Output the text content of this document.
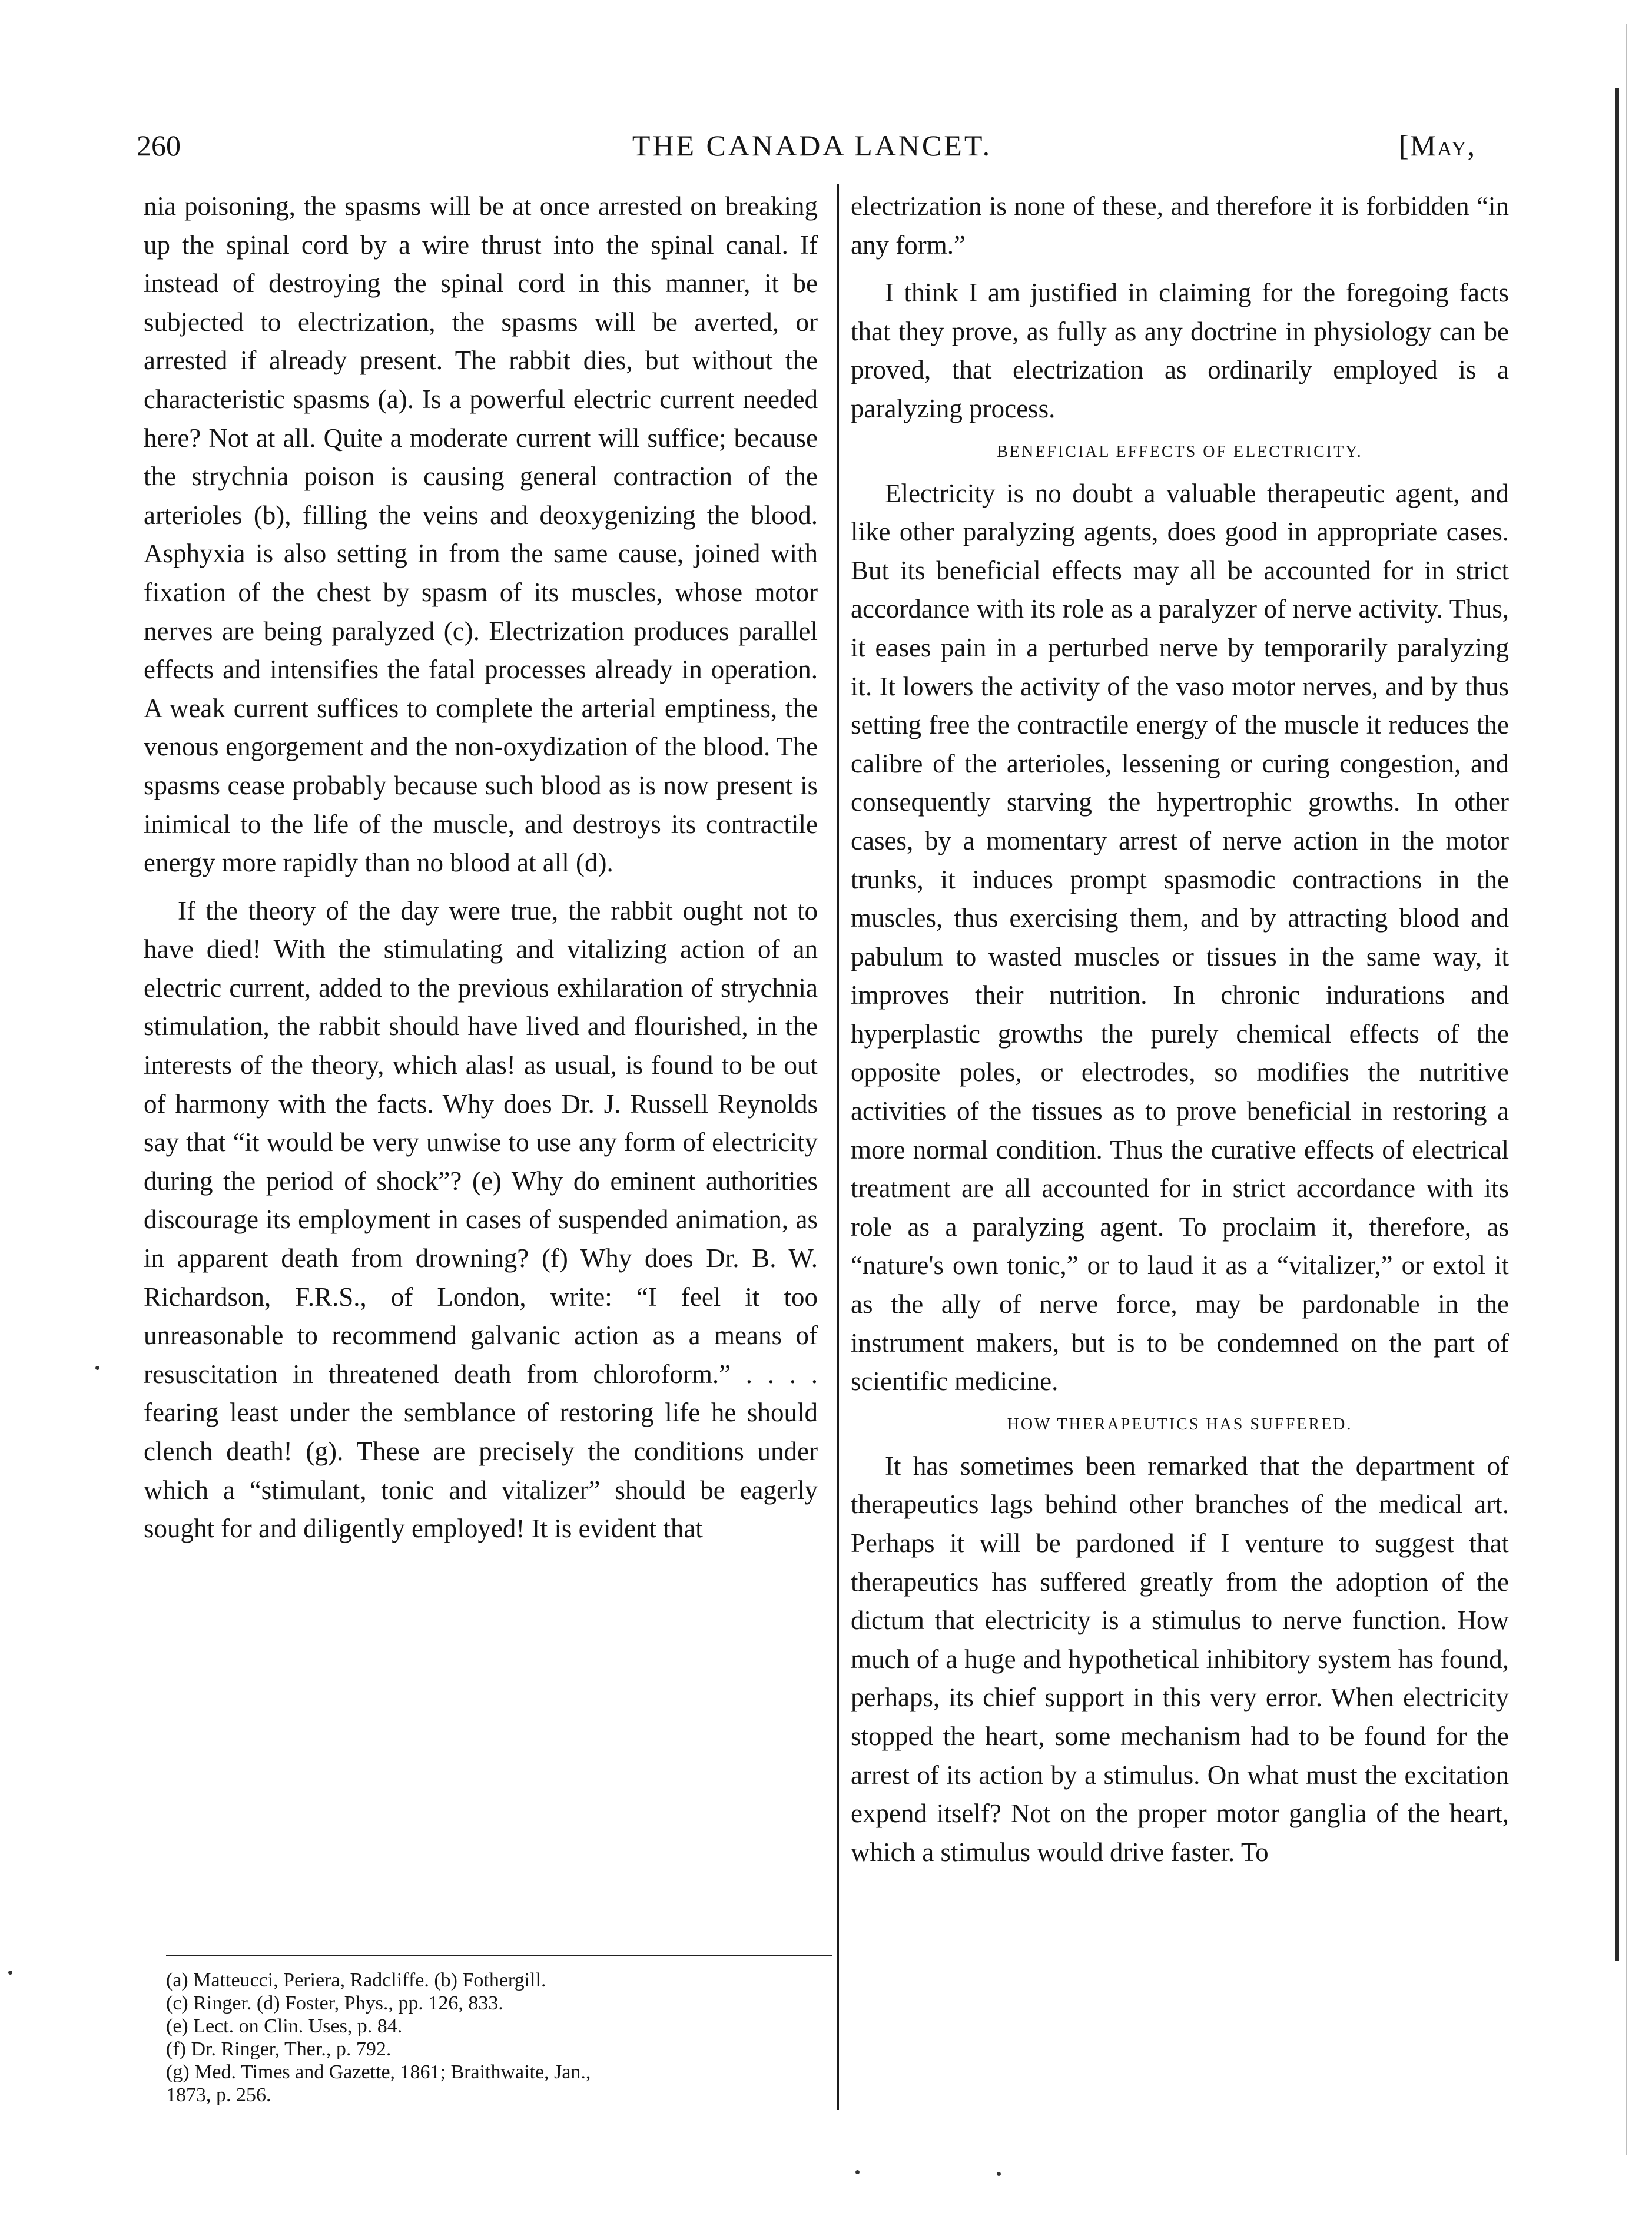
260	THE CANADA LANCET.	[May,

nia poisoning, the spasms will be at once arrested on breaking up the spinal cord by a wire thrust into the spinal canal. If instead of destroying the spinal cord in this manner, it be subjected to electrization, the spasms will be averted, or arrested if already present. The rabbit dies, but without the characteristic spasms (a). Is a powerful electric current needed here? Not at all. Quite a moderate current will suffice; because the strychnia poison is causing general contraction of the arterioles (b), filling the veins and deoxygenizing the blood. Asphyxia is also setting in from the same cause, joined with fixation of the chest by spasm of its muscles, whose motor nerves are being paralyzed (c). Electrization produces parallel effects and intensifies the fatal processes already in operation. A weak current suffices to complete the arterial emptiness, the venous engorgement and the non-oxydization of the blood. The spasms cease probably because such blood as is now present is inimical to the life of the muscle, and destroys its contractile energy more rapidly than no blood at all (d).

If the theory of the day were true, the rabbit ought not to have died! With the stimulating and vitalizing action of an electric current, added to the previous exhilaration of strychnia stimulation, the rabbit should have lived and flourished, in the interests of the theory, which alas! as usual, is found to be out of harmony with the facts. Why does Dr. J. Russell Reynolds say that “it would be very unwise to use any form of electricity during the period of shock”? (e) Why do eminent authorities discourage its employment in cases of suspended animation, as in apparent death from drowning? (f) Why does Dr. B. W. Richardson, F.R.S., of London, write: “I feel it too unreasonable to recommend galvanic action as a means of resuscitation in threatened death from chloroform.” . . . . fearing least under the semblance of restoring life he should clench death! (g). These are precisely the conditions under which a “stimulant, tonic and vitalizer” should be eagerly sought for and diligently employed! It is evident that

electrization is none of these, and therefore it is forbidden “in any form.”

I think I am justified in claiming for the foregoing facts that they prove, as fully as any doctrine in physiology can be proved, that electrization as ordinarily employed is a paralyzing process.

BENEFICIAL EFFECTS OF ELECTRICITY.

Electricity is no doubt a valuable therapeutic agent, and like other paralyzing agents, does good in appropriate cases. But its beneficial effects may all be accounted for in strict accordance with its role as a paralyzer of nerve activity. Thus, it eases pain in a perturbed nerve by temporarily paralyzing it. It lowers the activity of the vaso motor nerves, and by thus setting free the contractile energy of the muscle it reduces the calibre of the arterioles, lessening or curing congestion, and consequently starving the hypertrophic growths. In other cases, by a momentary arrest of nerve action in the motor trunks, it induces prompt spasmodic contractions in the muscles, thus exercising them, and by attracting blood and pabulum to wasted muscles or tissues in the same way, it improves their nutrition. In chronic indurations and hyperplastic growths the purely chemical effects of the opposite poles, or electrodes, so modifies the nutritive activities of the tissues as to prove beneficial in restoring a more normal condition. Thus the curative effects of electrical treatment are all accounted for in strict accordance with its role as a paralyzing agent. To proclaim it, therefore, as “nature's own tonic,” or to laud it as a “vitalizer,” or extol it as the ally of nerve force, may be pardonable in the instrument makers, but is to be condemned on the part of scientific medicine.

HOW THERAPEUTICS HAS SUFFERED.

It has sometimes been remarked that the department of therapeutics lags behind other branches of the medical art. Perhaps it will be pardoned if I venture to suggest that therapeutics has suffered greatly from the adoption of the dictum that electricity is a stimulus to nerve function. How much of a huge and hypothetical inhibitory system has found, perhaps, its chief support in this very error. When electricity stopped the heart, some mechanism had to be found for the arrest of its action by a stimulus. On what must the excitation expend itself? Not on the proper motor ganglia of the heart, which a stimulus would drive faster. To

(a) Matteucci, Periera, Radcliffe. (b) Fothergill.
(c) Ringer. (d) Foster, Phys., pp. 126, 833.
(e) Lect. on Clin. Uses, p. 84.
(f) Dr. Ringer, Ther., p. 792.
(g) Med. Times and Gazette, 1861; Braithwaite, Jan.,
1873, p. 256.
